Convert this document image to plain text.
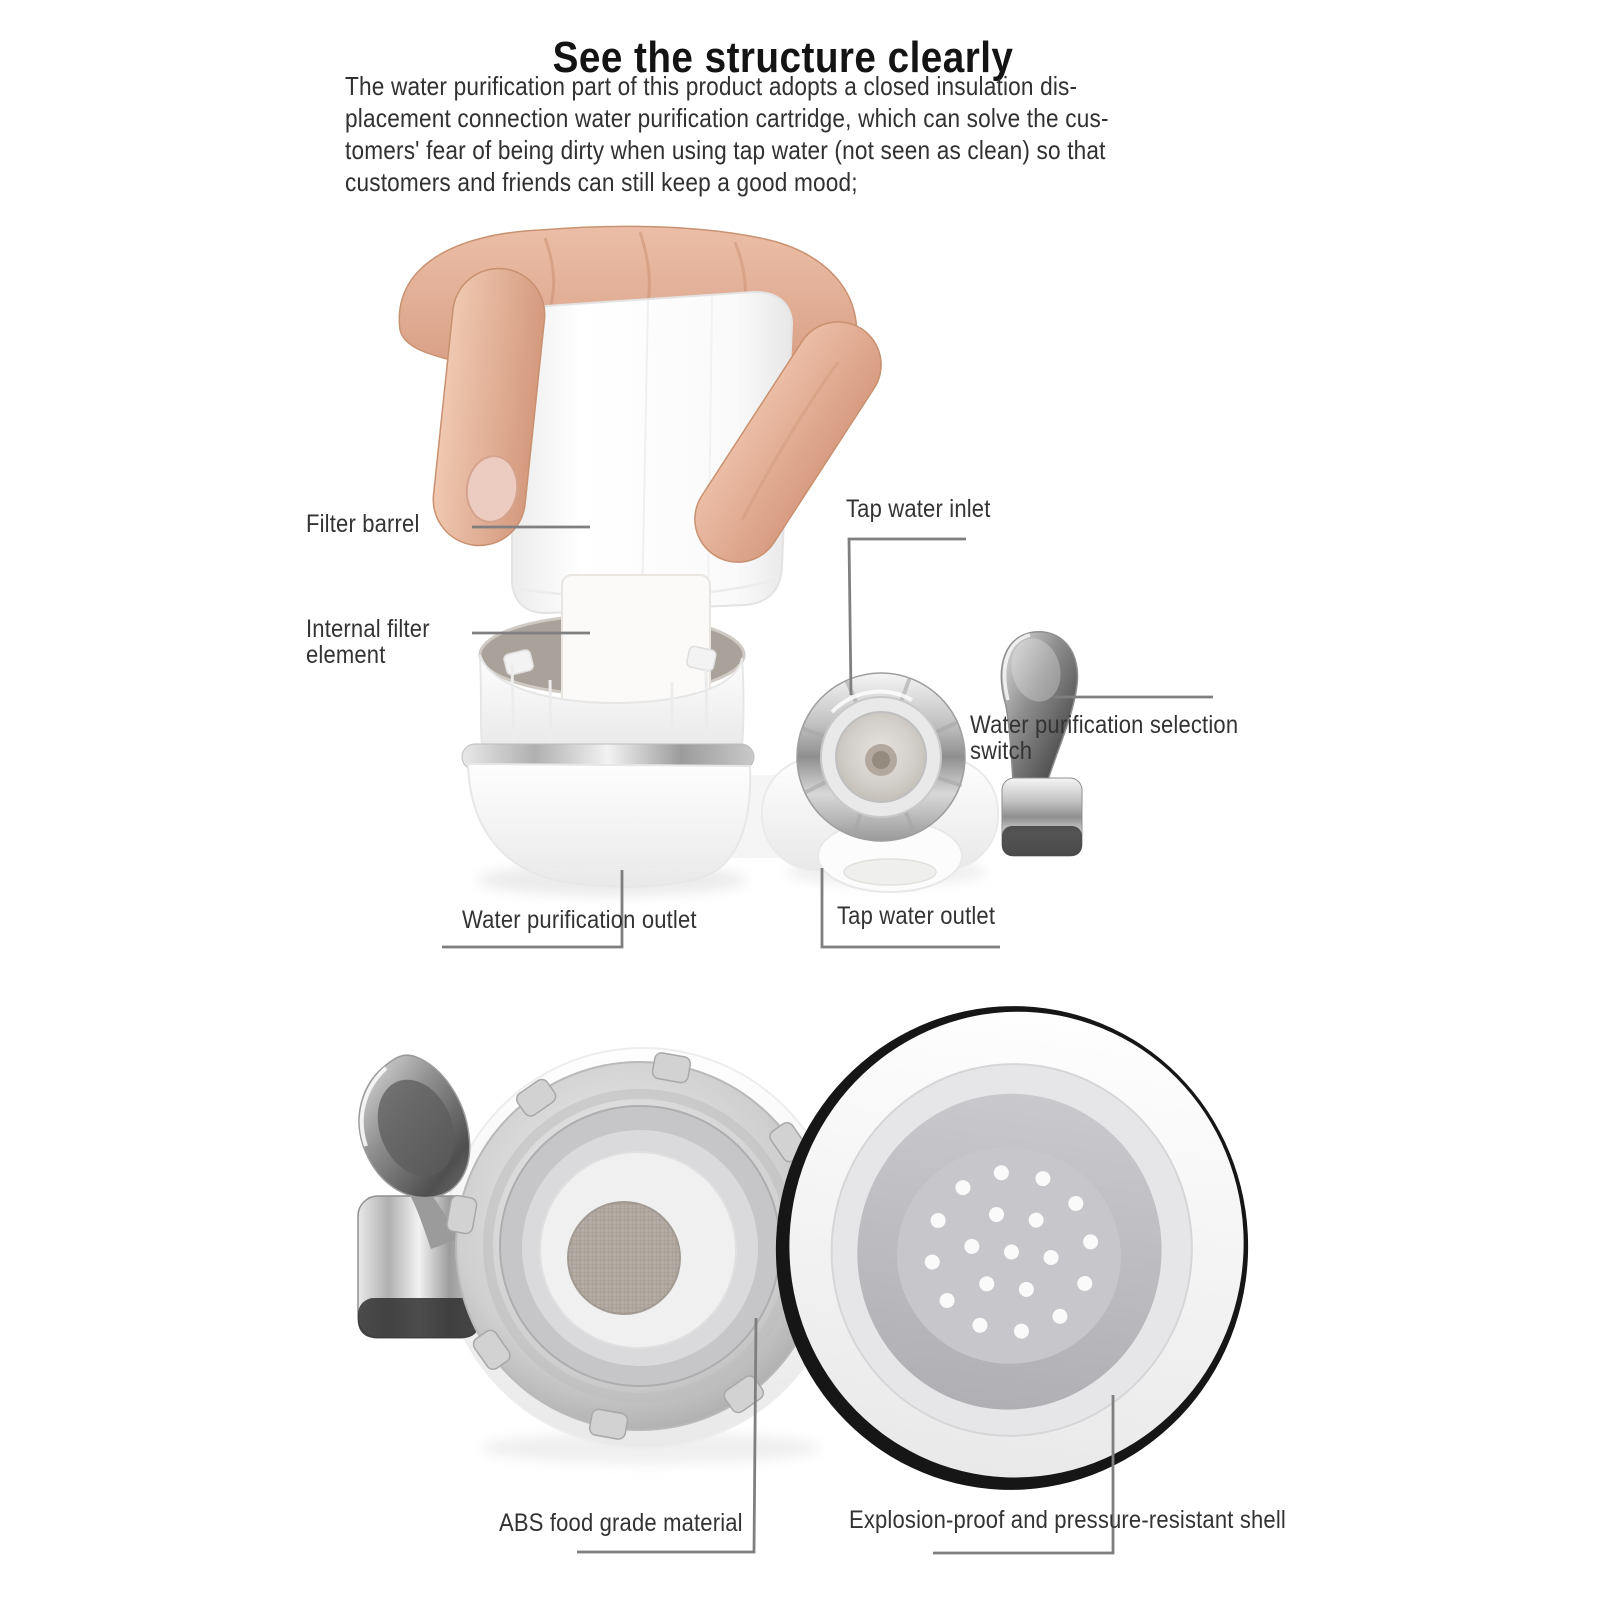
See the structure clearly
The water purification part of this product adopts a closed insulation dis-
placement connection water purification cartridge, which can solve the cus-
tomers' fear of being dirty when using tap water (not seen as clean) so that
customers and friends can still keep a good mood;
Filter barrel
Internal filter element
Tap water inlet
Water purification selection switch
Water purification outlet	Tap water outlet
ABS food grade material	Explosion-proof and pressure-resistant shell
